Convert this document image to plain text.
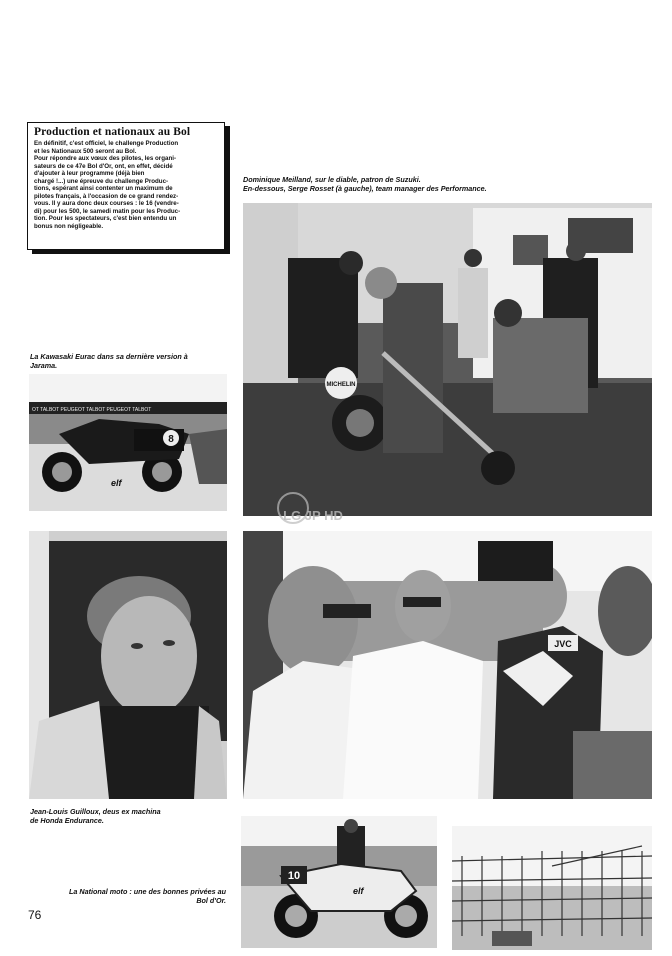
Production et nationaux au Bol

En définitif, c'est officiel, le challenge Production
et les Nationaux 500 seront au Bol.
Pour répondre aux vœux des pilotes, les organi-
sateurs de ce 47e Bol d'Or, ont, en effet, décidé
d'ajouter à leur programme (déjà bien
chargé !...) une épreuve du challenge Produc-
tions, espérant ainsi contenter un maximum de
pilotes français, à l'occasion de ce grand rendez-
vous. Il y aura donc deux courses : le 16 (vendre-
di) pour les 500, le samedi matin pour les Produc-
tion. Pour les spectateurs, c'est bien entendu un
bonus non négligeable.

Dominique Meilland, sur le diable, patron de Suzuki.
En-dessous, Serge Rosset (à gauche), team manager des Performance.
MICHELIN
La Kawasaki Eurac dans sa dernière version à
Jarama.
OT TALBOT PEUGEOT TALBOT PEUGEOT TALBOT
8
elf
LG JP HD
Jean-Louis Guilloux, deus ex machina
de Honda Endurance.
JVC
La National moto : une des bonnes privées au
Bol d'Or.
76
10
elf
